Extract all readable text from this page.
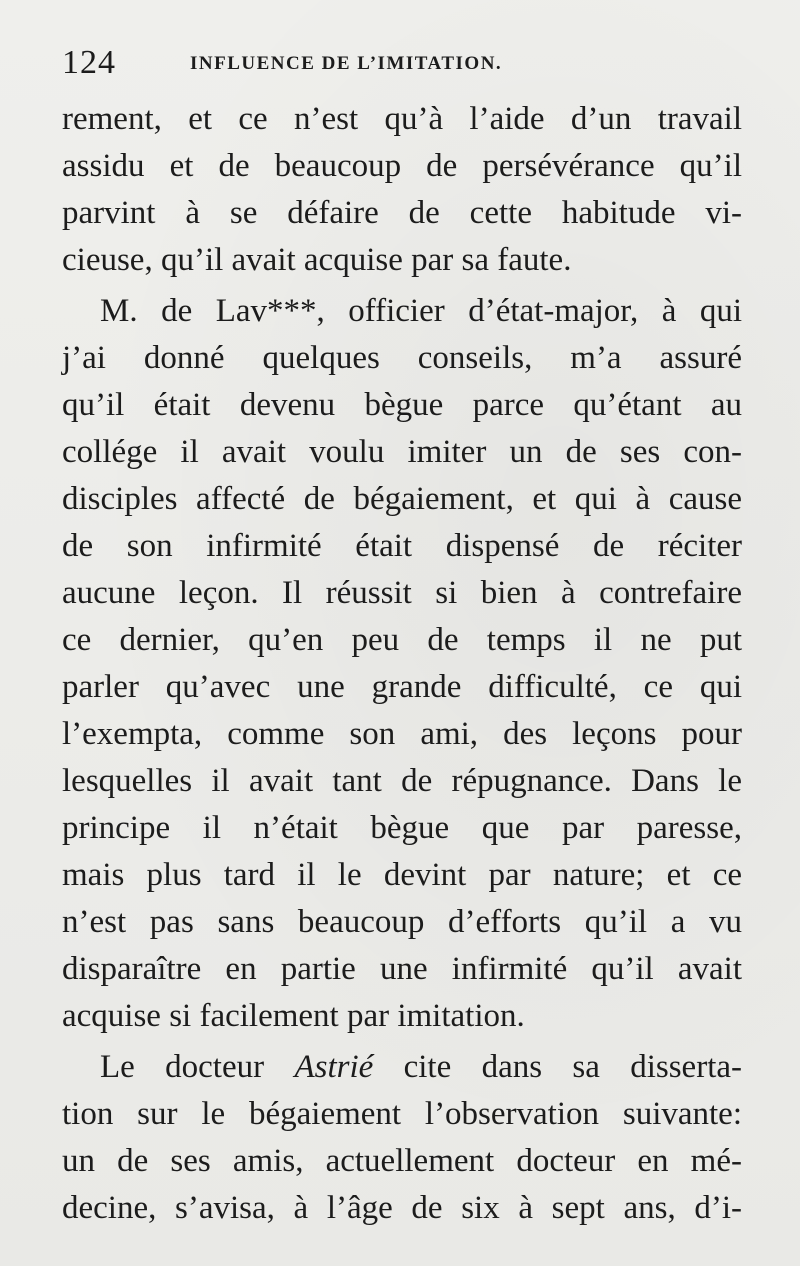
124	INFLUENCE DE L’IMITATION.
rement, et ce n’est qu’à l’aide d’un travail
assidu et de beaucoup de persévérance qu’il
parvint à se défaire de cette habitude vi-
cieuse, qu’il avait acquise par sa faute.
M. de Lav***, officier d’état-major, à qui
j’ai donné quelques conseils, m’a assuré
qu’il était devenu bègue parce qu’étant au
collége il avait voulu imiter un de ses con-
disciples affecté de bégaiement, et qui à cause
de son infirmité était dispensé de réciter
aucune leçon. Il réussit si bien à contrefaire
ce dernier, qu’en peu de temps il ne put
parler qu’avec une grande difficulté, ce qui
l’exempta, comme son ami, des leçons pour
lesquelles il avait tant de répugnance. Dans le
principe il n’était bègue que par paresse,
mais plus tard il le devint par nature; et ce
n’est pas sans beaucoup d’efforts qu’il a vu
disparaître en partie une infirmité qu’il avait
acquise si facilement par imitation.
Le docteur Astrié cite dans sa disserta-
tion sur le bégaiement l’observation suivante:
un de ses amis, actuellement docteur en mé-
decine, s’avisa, à l’âge de six à sept ans, d’i-
